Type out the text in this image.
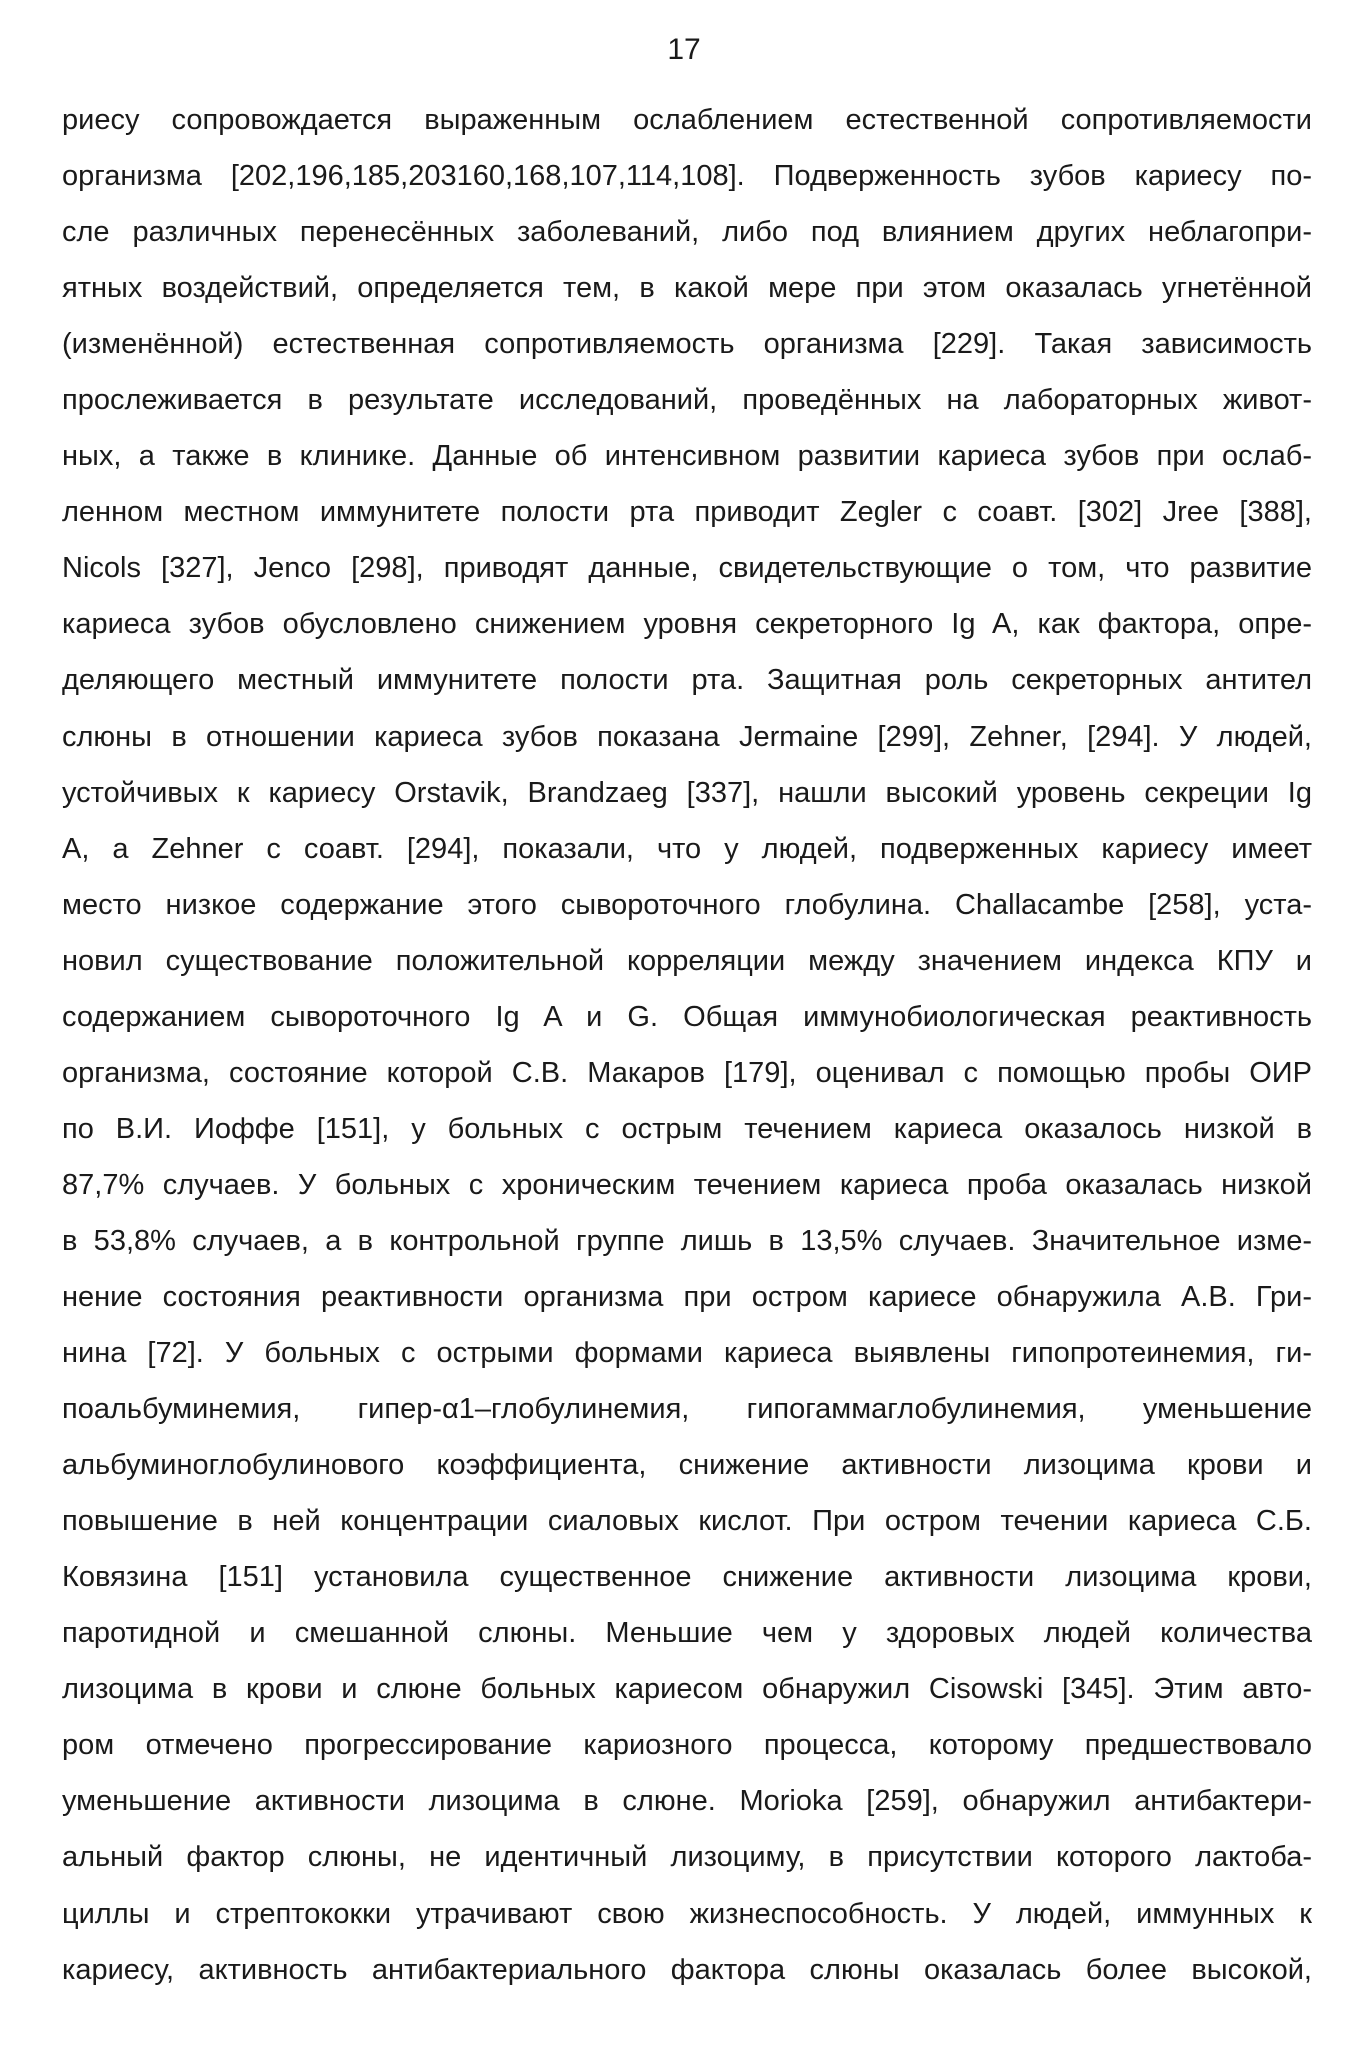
17
риесу сопровождается выраженным ослаблением естественной сопротивляемости
организма [202,196,185,203160,168,107,114,108]. Подверженность зубов кариесу по-
сле различных перенесённых заболеваний, либо под влиянием других неблагопри-
ятных воздействий, определяется тем, в какой мере при этом оказалась угнетённой
(изменённой) естественная сопротивляемость организма [229]. Такая зависимость
прослеживается в результате исследований, проведённых на лабораторных живот-
ных, а также в клинике. Данные об интенсивном развитии кариеса зубов при ослаб-
ленном местном иммунитете полости рта приводит Zegler с соавт. [302] Jree [388],
Nicols [327], Jenco [298], приводят данные, свидетельствующие о том, что развитие
кариеса зубов обусловлено снижением уровня секреторного Ig A, как фактора, опре-
деляющего местный иммунитете полости рта. Защитная роль секреторных антител
слюны в отношении кариеса зубов показана Jermaine [299], Zehner, [294]. У людей,
устойчивых к кариесу Orstavik, Brandzaeg [337], нашли высокий уровень секреции Ig
A, а Zehner с соавт. [294], показали, что у людей, подверженных кариесу имеет
место низкое содержание этого сывороточного глобулина. Challacambe [258], уста-
новил существование положительной корреляции между значением индекса КПУ и
содержанием сывороточного Ig A и G. Общая иммунобиологическая реактивность
организма, состояние которой С.В. Макаров [179], оценивал с помощью пробы ОИР
по В.И. Иоффе [151], у больных с острым течением кариеса оказалось низкой в
87,7% случаев. У больных с хроническим течением кариеса проба оказалась низкой
в 53,8% случаев, а в контрольной группе лишь в 13,5% случаев. Значительное изме-
нение состояния реактивности организма при остром кариесе обнаружила А.В. Гри-
нина [72]. У больных с острыми формами кариеса выявлены гипопротеинемия, ги-
поальбуминемия, гипер-α1–глобулинемия, гипогаммаглобулинемия, уменьшение
альбуминоглобулинового коэффициента, снижение активности лизоцима крови и
повышение в ней концентрации сиаловых кислот. При остром течении кариеса С.Б.
Ковязина [151] установила существенное снижение активности лизоцима крови,
паротидной и смешанной слюны. Меньшие чем у здоровых людей количества
лизоцима в крови и слюне больных кариесом обнаружил Cisowski [345]. Этим авто-
ром отмечено прогрессирование кариозного процесса, которому предшествовало
уменьшение активности лизоцима в слюне. Morioka [259], обнаружил антибактери-
альный фактор слюны, не идентичный лизоциму, в присутствии которого лактоба-
циллы и стрептококки утрачивают свою жизнеспособность. У людей, иммунных к
кариесу, активность антибактериального фактора слюны оказалась более высокой,
